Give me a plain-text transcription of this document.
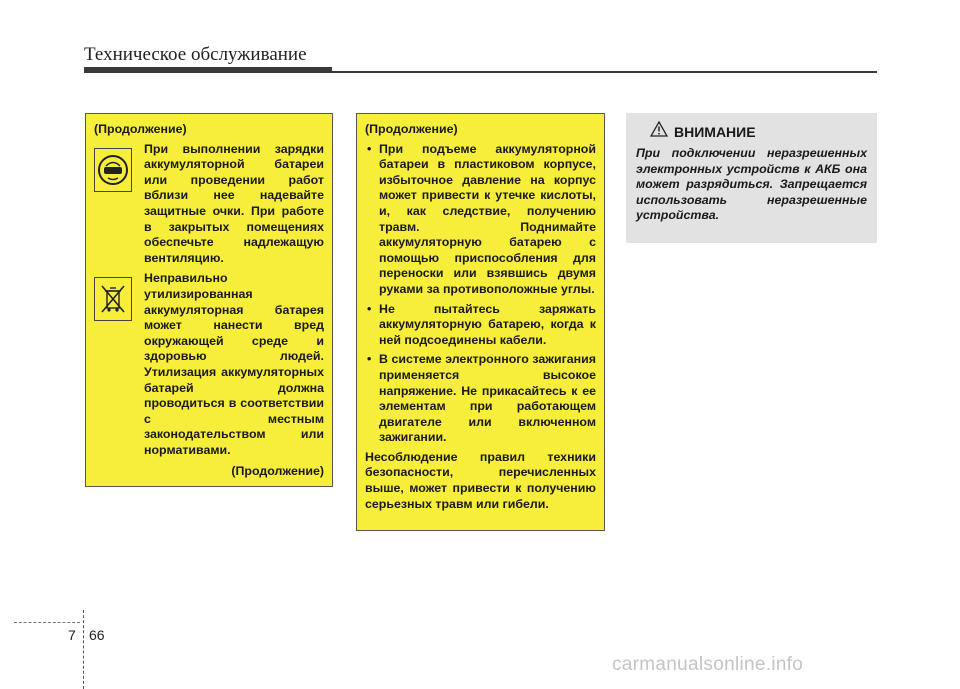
Техническое обслуживание
(Продолжение)
При выполнении зарядки аккумуляторной батареи или проведении работ вблизи нее надевайте защитные очки. При работе в закрытых помещениях обеспечьте надлежащую вентиляцию.
Неправильно утилизированная аккумуляторная батарея может нанести вред окружающей среде и здоровью людей. Утилизация аккумуляторных батарей должна проводиться в соответствии с местным законодательством или нормативами.
(Продолжение)
(Продолжение)
• При подъеме аккумуляторной батареи в пластиковом корпусе, избыточное давление на корпус может привести к утечке кислоты, и, как следствие, получению травм. Поднимайте аккумуляторную батарею с помощью приспособления для переноски или взявшись двумя руками за противоположные углы.
• Не пытайтесь заряжать аккумуляторную батарею, когда к ней подсоединены кабели.
• В системе электронного зажигания применяется высокое напряжение. Не прикасайтесь к ее элементам при работающем двигателе или включенном зажигании.
Несоблюдение правил техники безопасности, перечисленных выше, может привести к получению серьезных травм или гибели.
ВНИМАНИЕ
При подключении неразрешенных электронных устройств к АКБ она может разрядиться. Запрещается использовать неразрешенные устройства.
7 66
carmanualsonline.info
